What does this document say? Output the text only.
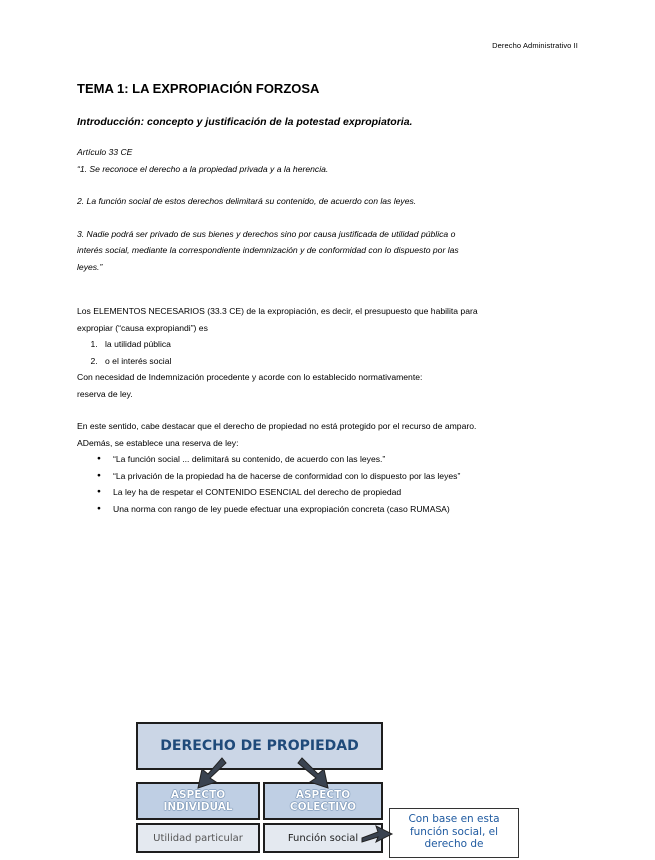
Derecho Administrativo II
TEMA 1: LA EXPROPIACIÓN FORZOSA
Introducción: concepto y justificación de la potestad expropiatoria.

Artículo 33 CE

“1. Se reconoce el derecho a la propiedad privada y a la herencia.

2. La función social de estos derechos delimitará su contenido, de acuerdo con las leyes.

3. Nadie podrá ser privado de sus bienes y derechos sino por causa justificada de utilidad pública o

interés social, mediante la correspondiente indemnización y de conformidad con lo dispuesto por las

leyes.”

Los ELEMENTOS NECESARIOS (33.3 CE) de la expropiación, es decir, el presupuesto que habilita para

expropiar (“causa expropiandi”) es

1. la utilidad pública
2. o el interés social

Con necesidad de Indemnización procedente y acorde con lo establecido normativamente:

reserva de ley.

En este sentido, cabe destacar que el derecho de propiedad no está protegido por el recurso de amparo.

ADemás, se establece una reserva de ley:

● “La función social ... delimitará su contenido, de acuerdo con las leyes.”
● “La privación de la propiedad ha de hacerse de conformidad con lo dispuesto por las leyes”
● La ley ha de respetar el CONTENIDO ESENCIAL del derecho de propiedad
● Una norma con rango de ley puede efectuar una expropiación concreta (caso RUMASA)
DERECHO DE PROPIEDAD
ASPECTO
INDIVIDUAL
ASPECTO
COLECTIVO
Utilidad particular	Función social
Con base en esta
función social, el
derecho de
